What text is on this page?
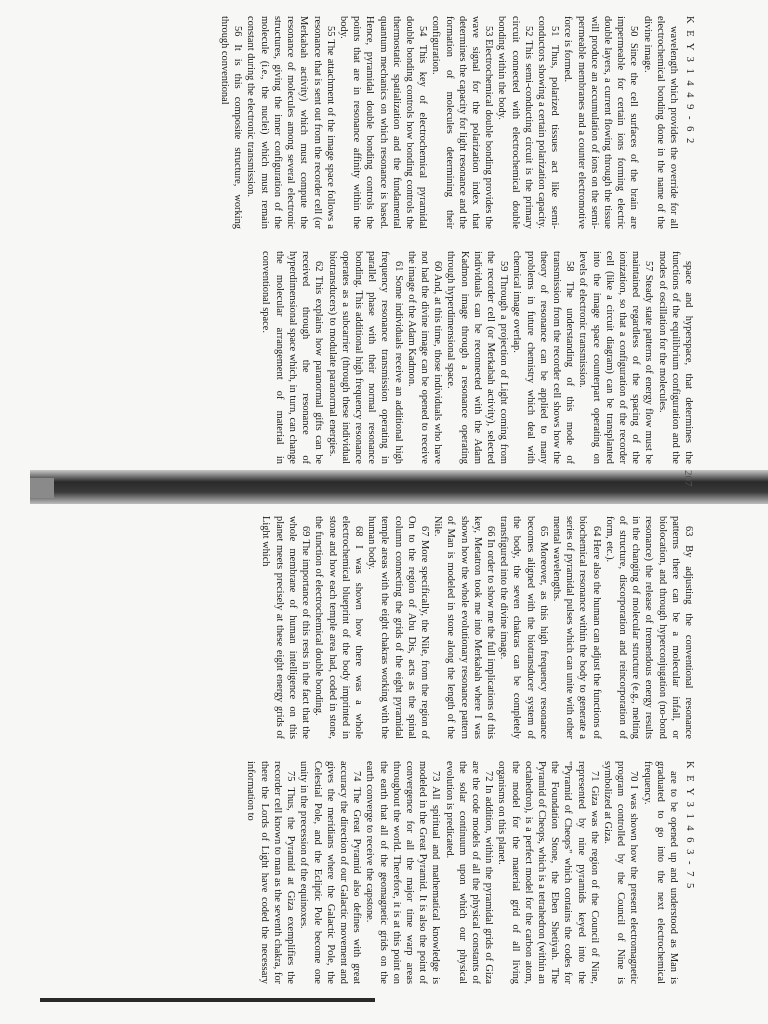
207
K E Y 3 1 4 4 9 - 6 2

wavelength which provides the override for all electrochemical bonding done in the name of the divine image.

50 Since the cell surfaces of the brain are impermeable for certain ions forming electric double layers, a current flowing through the tissue will produce an accumulation of ions on the semi-permeable membranes and a counter electromotive force is formed.

51 Thus, polarized tissues act like semi-conductors showing a certain polarization capacity.

52 This semi-conducting circuit is the primary circuit connected with electrochemical double bonding within the body.

53 Electrochemical double bonding provides the wave signal for the polarization index that determines the capacity for light resonance and the formation of molecules determining their configuration.

54 This key of electrochemical pyramidal double bonding controls how bonding controls the thermostatic spatialization and the fundamental quantum mechanics on which resonance is based. Hence, pyramidal double bonding controls the points that are in resonance affinity within the body.

55 The attachment of the image space follows a resonance that is sent out from the recorder cell (or Merkabah activity) which must compute the resonance of molecules among several electronic structures, giving the inner configuration of the molecule (i.e., the nuclei) which must remain constant during the electronic transmission.

56 It is this composite structure, working through conventional

space and hyperspace, that determines the functions of the equilibrium configuration and the modes of oscillation for the molecules.

57 Steady state patterns of energy flow must be maintained regardless of the spacing of the ionization, so that a configuration of the recorder cell (like a circuit diagram) can be transplanted into the image space counterpart operating on levels of electronic transmission.

58 The understanding of this mode of transmission from the recorder cell shows how the theory of resonance can be applied to many problems in future chemistry which deal with chemical image overlap.

59 Through a projection of Light coming from the recorder cell (or Merkabah activity), selected individuals can be reconnected with the Adam Kadmon image through a resonance operating through hyperdimensional space.

60 And, at this time, those individuals who have not had the divine image can be opened to receive the image of the Adam Kadmon.

61 Some individuals receive an additional high frequency resonance transmission operating in parallel phase with their normal resonance bonding. This additional high frequency resonance operates as a subcarrier (through these individual biotransducers) to modulate paranormal energies.

62 This explains how paranormal gifts can be received through the resonance of hyperdimensional space which, in turn, can change the molecular arrangement of material in conventional space.

63 By adjusting the conventional resonance patterns there can be a molecular infall, or biolocation, and through hyperconjugation (no-bond resonance) the release of tremendous energy results in the changing of molecular structure (e.g., melting of structure, discorporation and reincorporation of form, etc.).

64 Here also the human can adjust the functions of biochemical resonance within the body to generate a series of pyramidal pulses which can unite with other mental wavelengths.

65 Moreover, as this high frequency resonance becomes aligned with the biotransducer system of the body, the seven chakras can be completely transfigured into the divine image.

66 In order to show me the full implications of this key, Metatron took me into Merkabah where I was shown how the whole evolutionary resonance pattern of Man is modeled in stone along the length of the Nile.

67 More specifically, the Nile, from the region of On to the region of Abu Dis, acts as the spinal column connecting the grids of the eight pyramidal temple areas with the eight chakras working with the human body.

68 I was shown how there was a whole electrochemical blueprint of the body imprinted in stone and how each temple area had, coded in stone, the function of electrochemical double bonding.

69 The importance of this rests in the fact that the whole membrane of human intelligence on this planet meets precisely at these eight energy grids of Light which

K E Y 3 1 4 6 3 - 7 5

are to be opened up and understood as Man is graduated to go into the next electrochemical frequency.

70 I was shown how the present electromagnetic program controlled by the Council of Nine is symbolized at Giza.

71 Giza was the region of the Council of Nine, represented by nine pyramids keyed into the "Pyramid of Cheops" which contains the codes for the Foundation Stone, the Eben Shetiyah. The Pyramid of Cheops, which is a tetrahedron (within an octahedron), is a perfect model for the carbon atom, the model for the material grid of all living organisms on this planet.

72 In addition, within the pyramidal grids of Giza are the code models of all the physical constants of the solar continuum upon which our physical evolution is predicated.

73 All spiritual and mathematical knowledge is modeled in the Great Pyramid. It is also the point of convergence for all the major time warp areas throughout the world. Therefore, it is at this point on the earth that all of the geomagnetic grids on the earth converge to receive the capstone.

74 The Great Pyramid also defines with great accuracy the direction of our Galactic movement and gives the meridians where the Galactic Pole, the Celestial Pole, and the Ecliptic Pole become one unity in the precession of the equinoxes.

75 Thus, the Pyramid at Giza exemplifies the recorder cell known to man as the seventh chakra, for there the Lords of Light have coded the necessary information to
